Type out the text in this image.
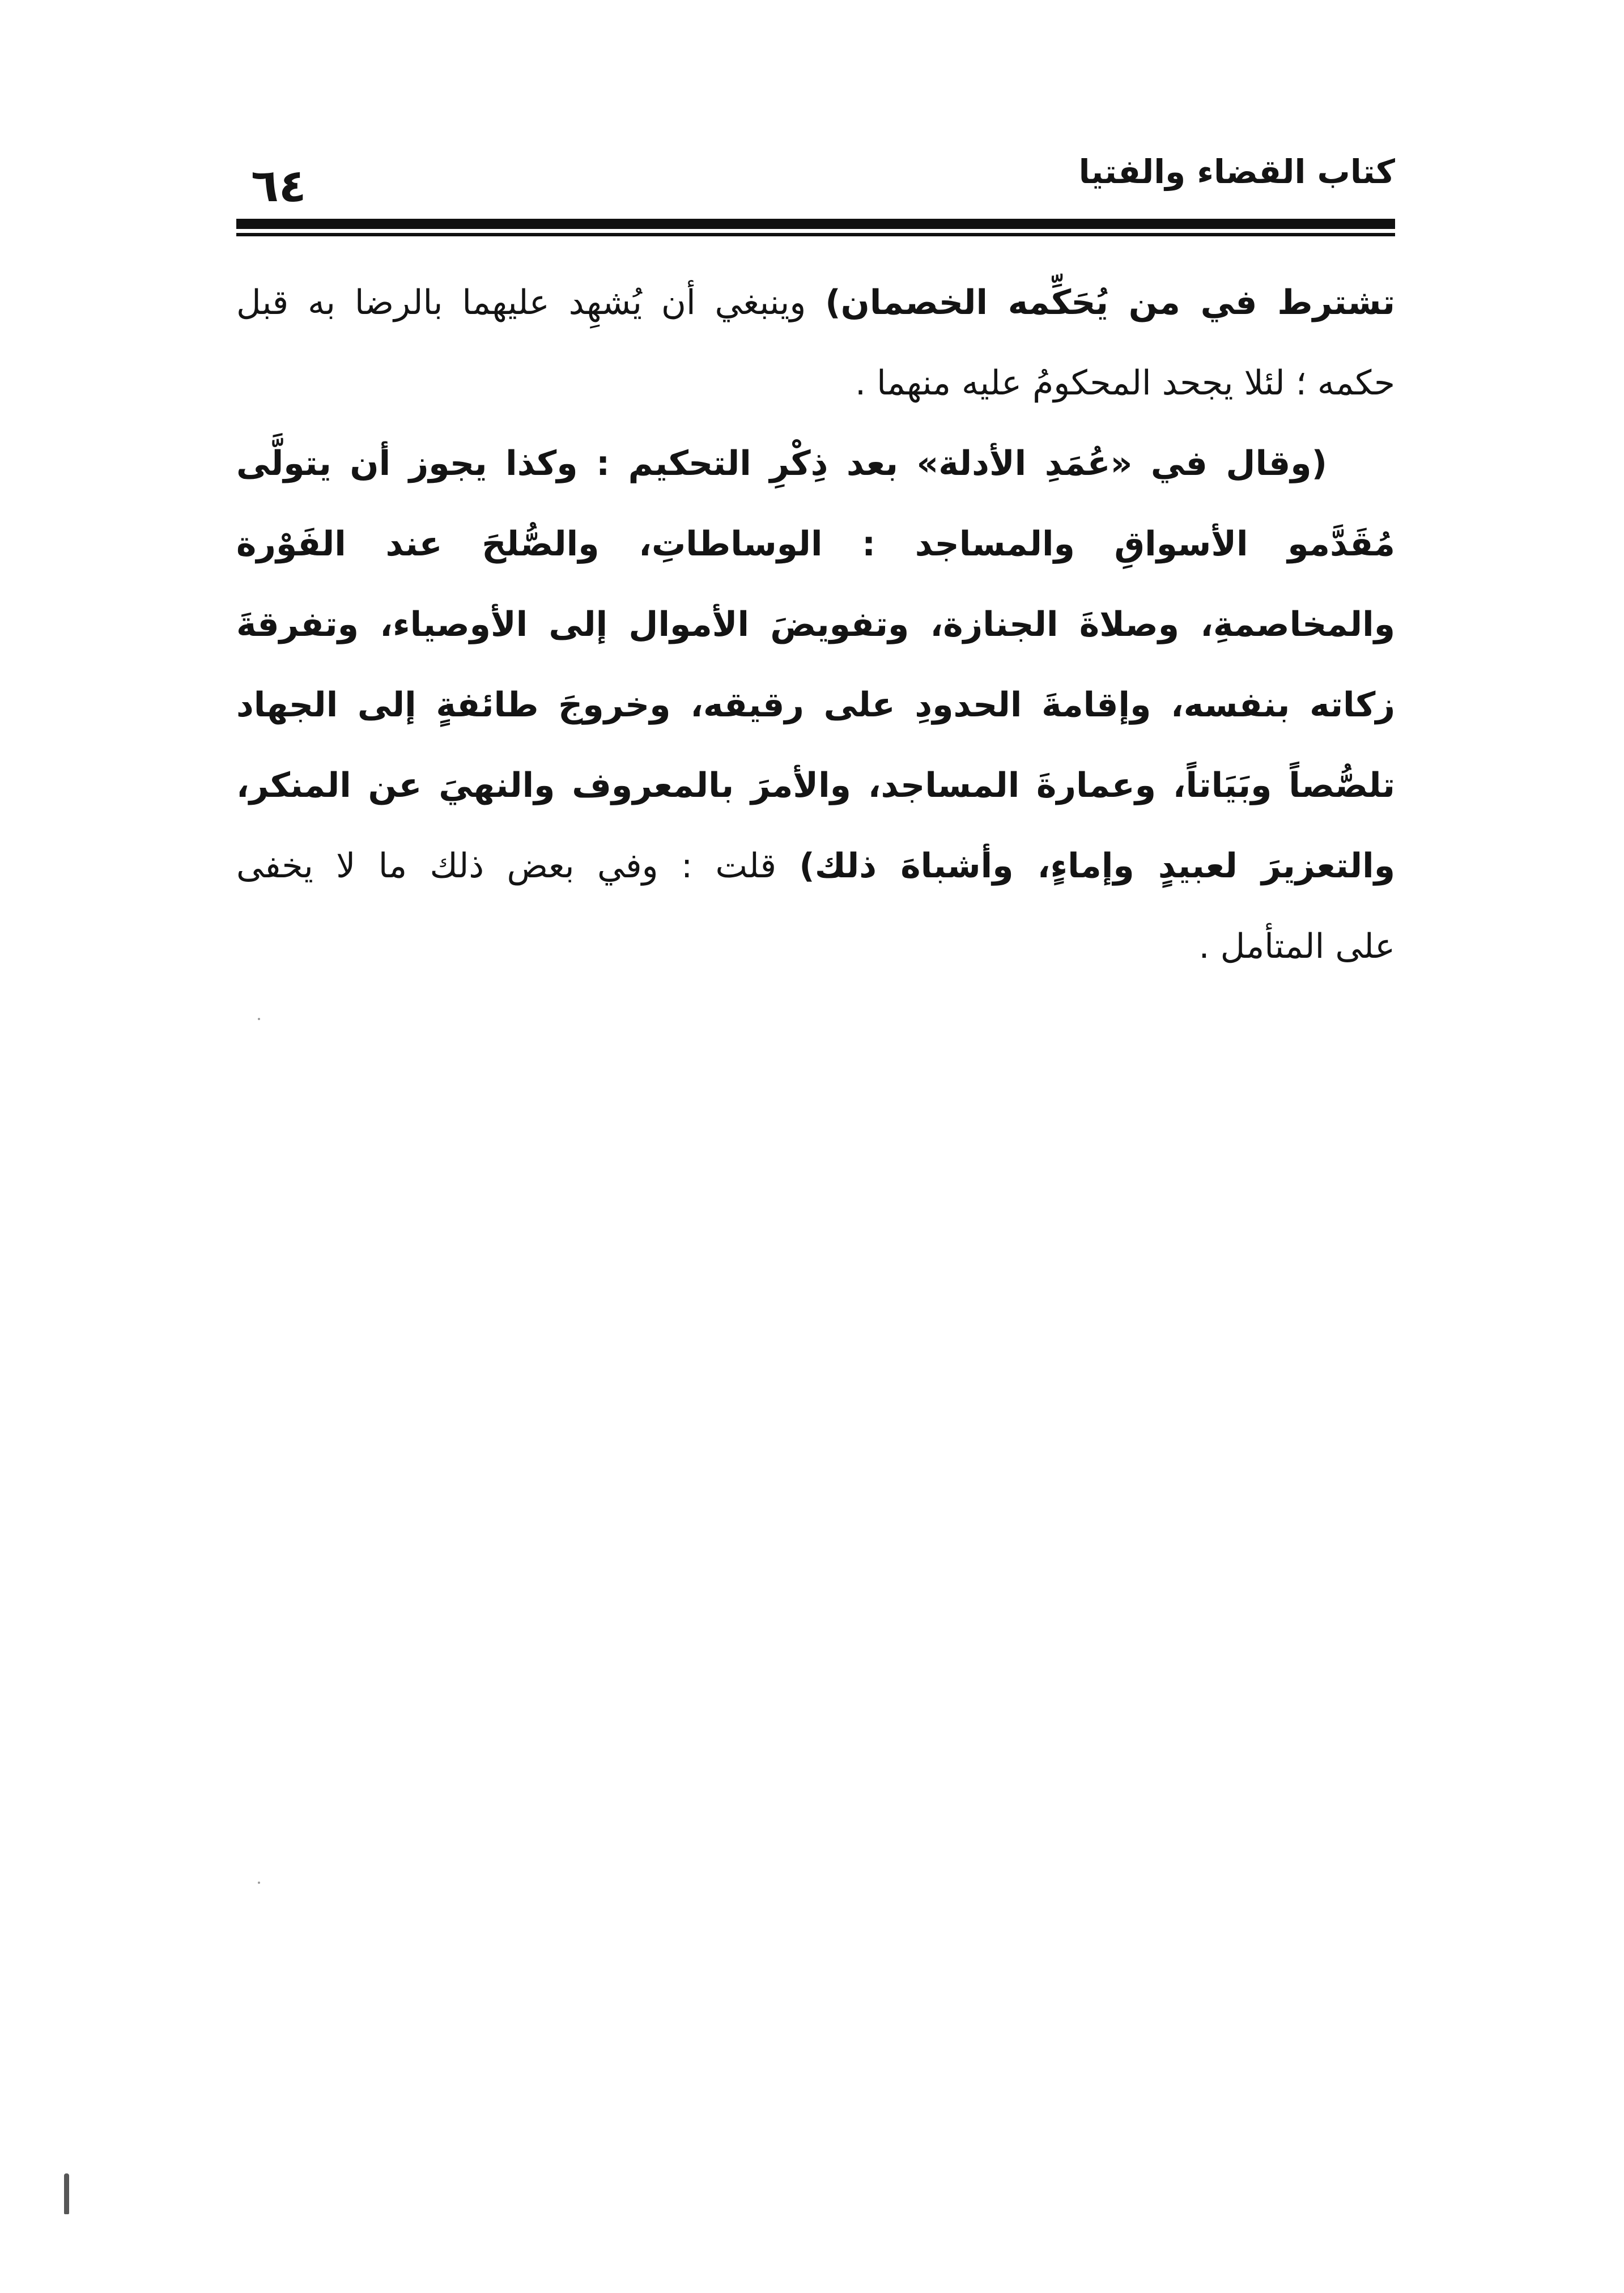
كتاب القضاء والفتيا
٦٤
تشترط في من يُحَكِّمه الخصمان) وينبغي أن يُشهِد عليهما بالرضا به قبل
حكمه ؛ لئلا يجحد المحكومُ عليه منهما .
(وقال في «عُمَدِ الأدلة» بعد ذِكْرِ التحكيم : وكذا يجوز أن يتولَّى
مُقَدَّمو الأسواقِ والمساجد : الوساطاتِ، والصُّلحَ عند الفَوْرة
والمخاصمةِ، وصلاةَ الجنازة، وتفويضَ الأموال إلى الأوصياء، وتفرقةَ
زكاته بنفسه، وإقامةَ الحدودِ على رقيقه، وخروجَ طائفةٍ إلى الجهاد
تلصُّصاً وبَيَاتاً، وعمارةَ المساجد، والأمرَ بالمعروف والنهيَ عن المنكر،
والتعزيرَ لعبيدٍ وإماءٍ، وأشباهَ ذلك) قلت : وفي بعض ذلك ما لا يخفى
على المتأمل .
